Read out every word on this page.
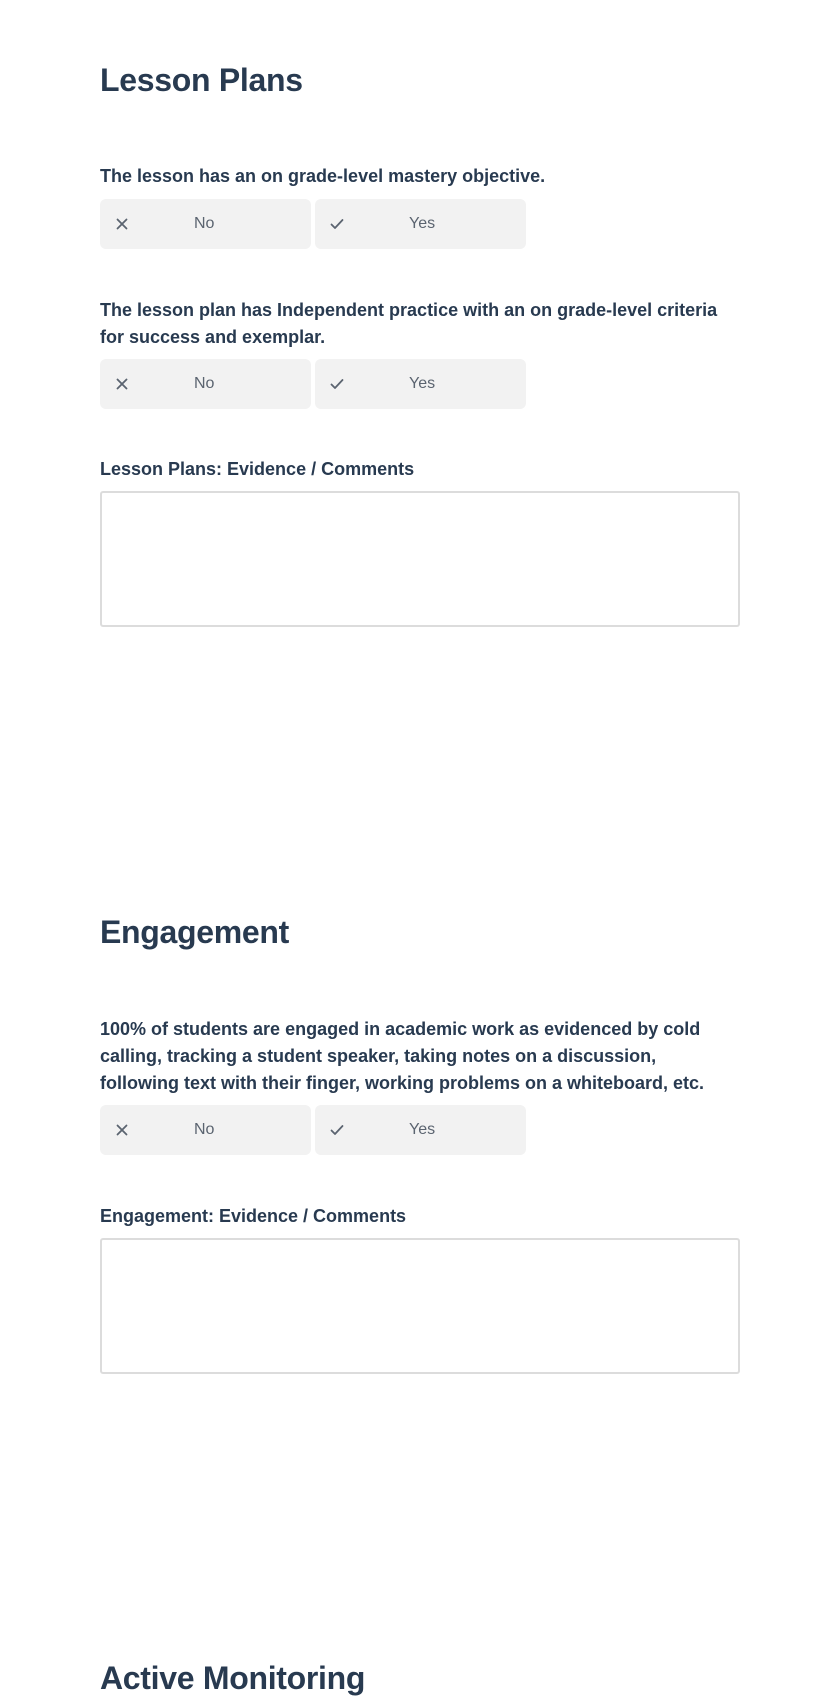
Lesson Plans

The lesson has an on grade-level mastery objective.

No	Yes

The lesson plan has Independent practice with an on grade-level criteria for success and exemplar.

No	Yes

Lesson Plans: Evidence / Comments

Engagement

100% of students are engaged in academic work as evidenced by cold calling, tracking a student speaker, taking notes on a discussion, following text with their finger, working problems on a whiteboard, etc.

No	Yes

Engagement: Evidence / Comments

Active Monitoring
